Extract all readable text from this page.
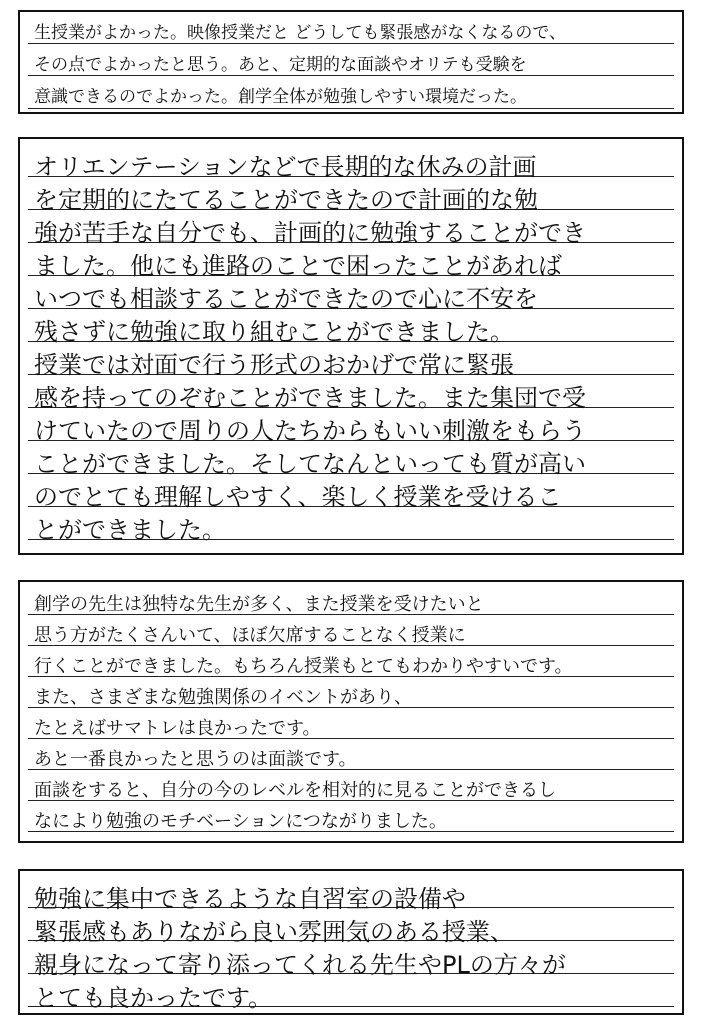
生授業がよかった。映像授業だと どうしても緊張感がなくなるので、
その点でよかったと思う。あと、定期的な面談やオリテも受験を
意識できるのでよかった。創学全体が勉強しやすい環境だった。
オリエンテーションなどで長期的な休みの計画
を定期的にたてることができたので計画的な勉
強が苦手な自分でも、計画的に勉強することができ
ました。他にも進路のことで困ったことがあれば
いつでも相談することができたので心に不安を
残さずに勉強に取り組むことができました。
授業では対面で行う形式のおかげで常に緊張
感を持ってのぞむことができました。また集団で受
けていたので周りの人たちからもいい刺激をもらう
ことができました。そしてなんといっても質が高い
のでとても理解しやすく、楽しく授業を受けるこ
とができました。
創学の先生は独特な先生が多く、また授業を受けたいと
思う方がたくさんいて、ほぼ欠席することなく授業に
行くことができました。もちろん授業もとてもわかりやすいです。
また、さまざまな勉強関係のイベントがあり、
たとえばサマトレは良かったです。
あと一番良かったと思うのは面談です。
面談をすると、自分の今のレベルを相対的に見ることができるし
なにより勉強のモチベーションにつながりました。
勉強に集中できるような自習室の設備や
緊張感もありながら良い雰囲気のある授業、
親身になって寄り添ってくれる先生やPLの方々が
とても良かったです。
